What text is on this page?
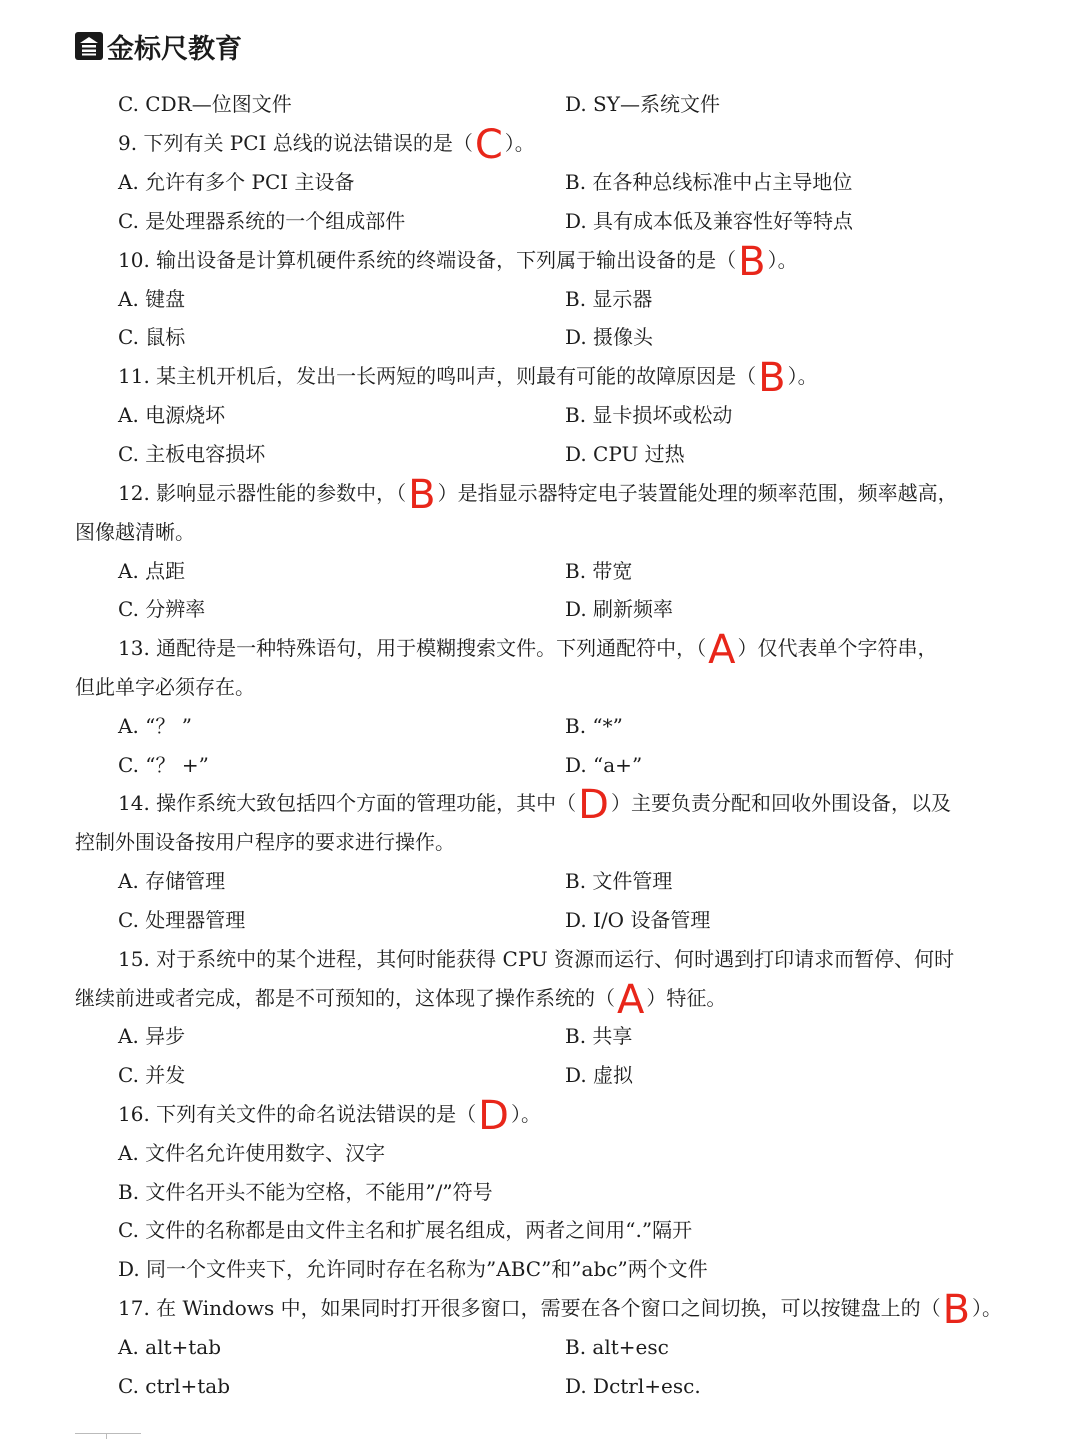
金标尺教育
C. CDR—位图文件	D. SY—系统文件
9. 下列有关 PCI 总线的说法错误的是（C ）。
A. 允许有多个 PCI 主设备	B. 在各种总线标准中占主导地位
C. 是处理器系统的一个组成部件	D. 具有成本低及兼容性好等特点
10. 输出设备是计算机硬件系统的终端设备，下列属于输出设备的是（B ）。
A. 键盘	B. 显示器
C. 鼠标	D. 摄像头
11. 某主机开机后，发出一长两短的鸣叫声，则最有可能的故障原因是（B ）。
A. 电源烧坏	B. 显卡损坏或松动
C. 主板电容损坏	D. CPU 过热
12. 影响显示器性能的参数中，（B ）是指显示器特定电子装置能处理的频率范围，频率越高，
图像越清晰。
A. 点距	B. 带宽
C. 分辨率	D. 刷新频率
13. 通配待是一种特殊语句，用于模糊搜索文件。下列通配符中，（A ）仅代表单个字符串，
但此单字必须存在。
A. “？ ”	B. “*”
C. “？ +”	D. “a+”
14. 操作系统大致包括四个方面的管理功能，其中（D ）主要负责分配和回收外围设备，以及
控制外围设备按用户程序的要求进行操作。
A. 存储管理	B. 文件管理
C. 处理器管理	D. I/O 设备管理
15. 对于系统中的某个进程，其何时能获得 CPU 资源而运行、何时遇到打印请求而暂停、何时
继续前进或者完成，都是不可预知的，这体现了操作系统的（A ）特征。
A. 异步	B. 共享
C. 并发	D. 虚拟
16. 下列有关文件的命名说法错误的是（D ）。
A. 文件名允许使用数字、汉字
B. 文件名开头不能为空格，不能用”/”符号
C. 文件的名称都是由文件主名和扩展名组成，两者之间用“.”隔开
D. 同一个文件夹下，允许同时存在名称为”ABC”和”abc”两个文件
17. 在 Windows 中，如果同时打开很多窗口，需要在各个窗口之间切换，可以按键盘上的（B ）。
A. alt+tab	B. alt+esc
C. ctrl+tab	D. Dctrl+esc.
